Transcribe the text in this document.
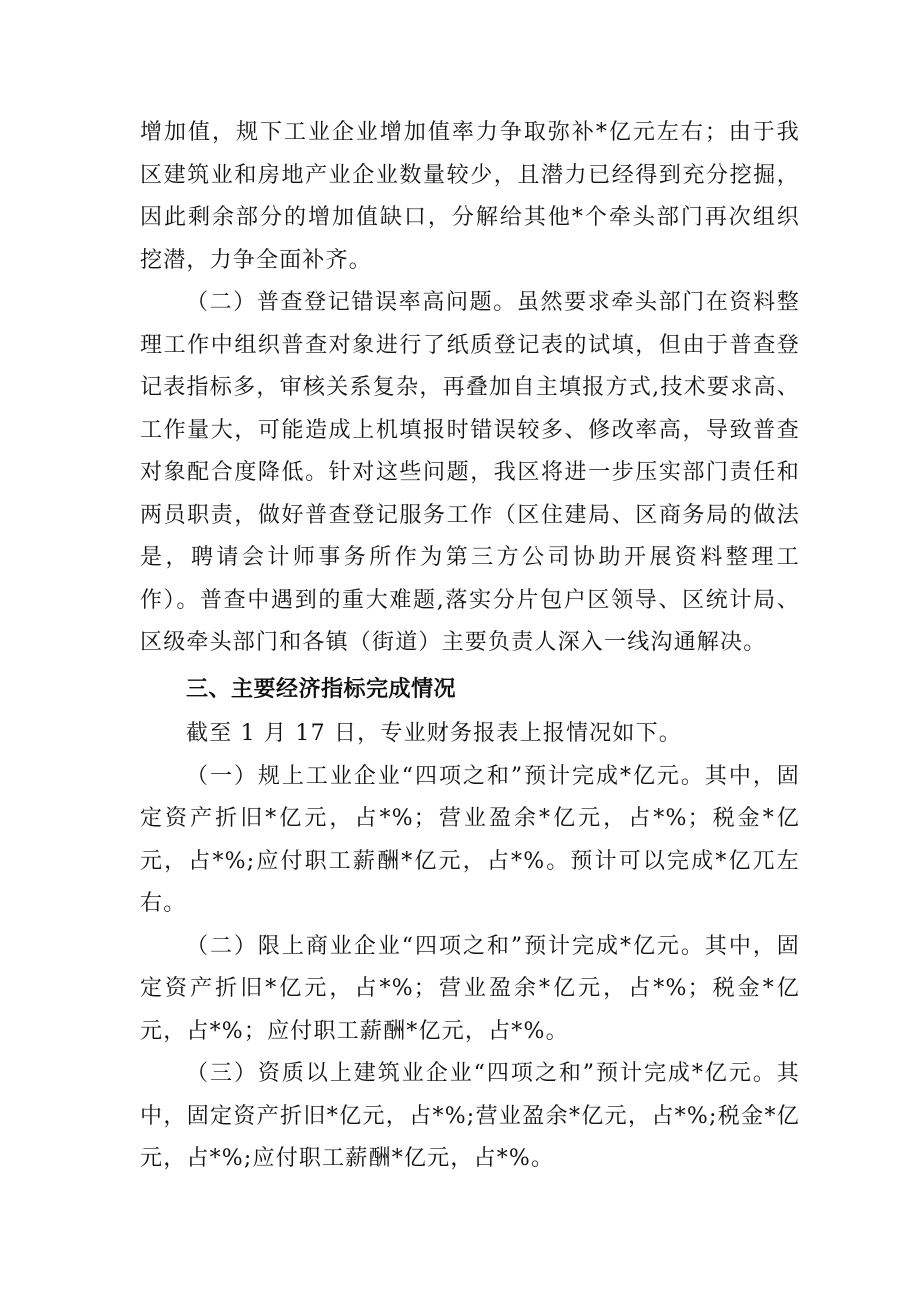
增加值，规下工业企业增加值率力争取弥补*亿元左右；由于我区建筑业和房地产业企业数量较少，且潜力已经得到充分挖掘，因此剩余部分的增加值缺口，分解给其他*个牵头部门再次组织挖潜，力争全面补齐。

（二）普查登记错误率高问题。虽然要求牵头部门在资料整理工作中组织普查对象进行了纸质登记表的试填，但由于普查登记表指标多，审核关系复杂，再叠加自主填报方式,技术要求高、工作量大，可能造成上机填报时错误较多、修改率高，导致普查对象配合度降低。针对这些问题，我区将进一步压实部门责任和两员职责，做好普查登记服务工作（区住建局、区商务局的做法是，聘请会计师事务所作为第三方公司协助开展资料整理工作）。普查中遇到的重大难题,落实分片包户区领导、区统计局、区级牵头部门和各镇（街道）主要负责人深入一线沟通解决。

三、主要经济指标完成情况

截至 1 月 17 日，专业财务报表上报情况如下。

（一）规上工业企业“四项之和”预计完成*亿元。其中，固定资产折旧*亿元，占*%；营业盈余*亿元，占*%；税金*亿元，占*%;应付职工薪酬*亿元，占*%。预计可以完成*亿兀左右。

（二）限上商业企业“四项之和”预计完成*亿元。其中，固定资产折旧*亿元，占*%；营业盈余*亿元，占*%；税金*亿元，占*%；应付职工薪酬*亿元，占*%。

（三）资质以上建筑业企业“四项之和”预计完成*亿元。其中，固定资产折旧*亿元，占*%;营业盈余*亿元，占*%;税金*亿元，占*%;应付职工薪酬*亿元，占*%。
